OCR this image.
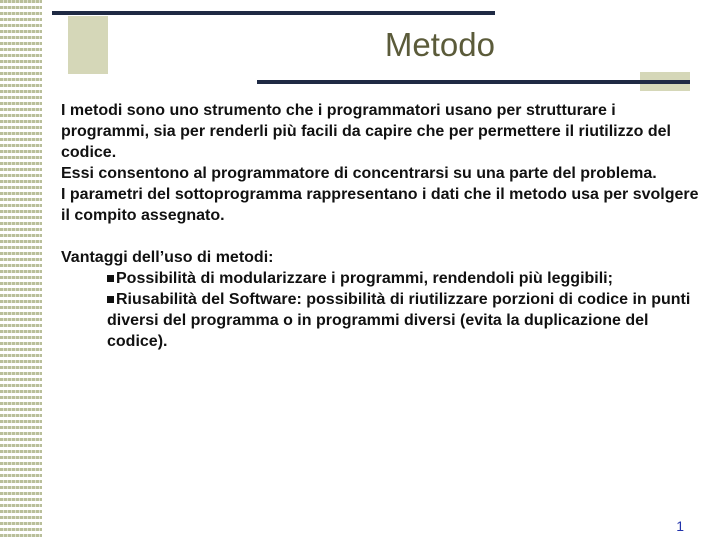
Metodo

I metodi sono uno strumento che i programmatori usano per strutturare i programmi, sia per renderli più facili da capire che per permettere il riutilizzo del codice.

Essi consentono al programmatore di concentrarsi su una parte del problema.

I parametri del sottoprogramma rappresentano i dati che il metodo usa per svolgere il compito assegnato.

Vantaggi dell’uso di metodi:

Possibilità di modularizzare i programmi, rendendoli più leggibili;

Riusabilità del Software: possibilità di riutilizzare porzioni di codice in punti diversi del programma o in programmi diversi (evita la duplicazione del codice).

1
